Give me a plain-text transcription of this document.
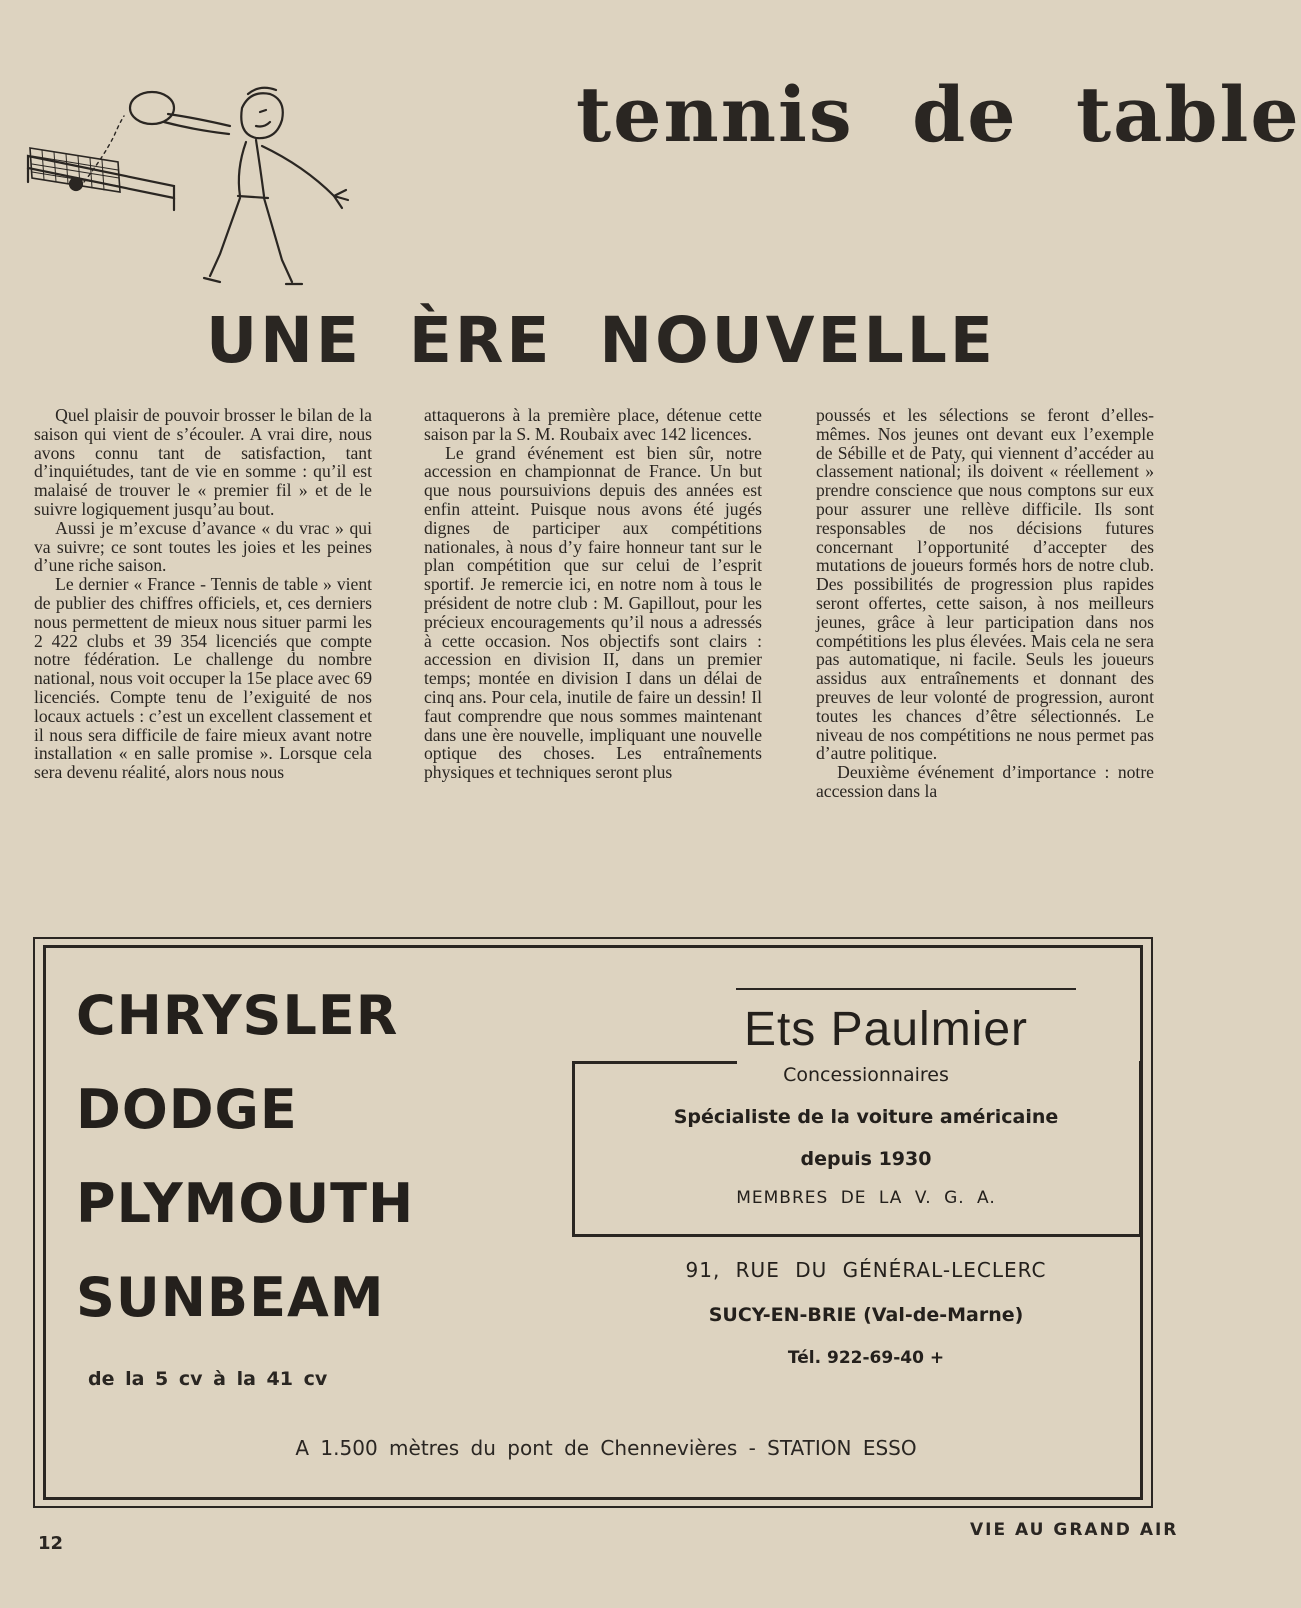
tennis de table
UNE ÈRE NOUVELLE

Quel plaisir de pouvoir brosser le bilan de la saison qui vient de s’écouler. A vrai dire, nous avons connu tant de satisfaction, tant d’inquiétudes, tant de vie en somme : qu’il est malaisé de trouver le « premier fil » et de le suivre logiquement jusqu’au bout.

Aussi je m’excuse d’avance « du vrac » qui va suivre; ce sont toutes les joies et les peines d’une riche saison.

Le dernier « France - Tennis de table » vient de publier des chiffres officiels, et, ces derniers nous permettent de mieux nous situer parmi les 2 422 clubs et 39 354 licenciés que compte notre fédération. Le challenge du nombre national, nous voit occuper la 15e place avec 69 licenciés. Compte tenu de l’exiguité de nos locaux actuels : c’est un excellent classement et il nous sera difficile de faire mieux avant notre installation « en salle promise ». Lorsque cela sera devenu réalité, alors nous nous

attaquerons à la première place, détenue cette saison par la S. M. Roubaix avec 142 licences.

Le grand événement est bien sûr, notre accession en championnat de France. Un but que nous poursuivions depuis des années est enfin atteint. Puisque nous avons été jugés dignes de participer aux compétitions nationales, à nous d’y faire honneur tant sur le plan compétition que sur celui de l’esprit sportif. Je remercie ici, en notre nom à tous le président de notre club : M. Gapillout, pour les précieux encouragements qu’il nous a adressés à cette occasion. Nos objectifs sont clairs : accession en division II, dans un premier temps; montée en division I dans un délai de cinq ans. Pour cela, inutile de faire un dessin! Il faut comprendre que nous sommes maintenant dans une ère nouvelle, impliquant une nouvelle optique des choses. Les entraînements physiques et techniques seront plus

poussés et les sélections se feront d’elles-mêmes. Nos jeunes ont devant eux l’exemple de Sébille et de Paty, qui viennent d’accéder au classement national; ils doivent « réellement » prendre conscience que nous comptons sur eux pour assurer une rellève difficile. Ils sont responsables de nos décisions futures concernant l’opportunité d’accepter des mutations de joueurs formés hors de notre club. Des possibilités de progression plus rapides seront offertes, cette saison, à nos meilleurs jeunes, grâce à leur participation dans nos compétitions les plus élevées. Mais cela ne sera pas automatique, ni facile. Seuls les joueurs assidus aux entraînements et donnant des preuves de leur volonté de progression, auront toutes les chances d’être sélectionnés. Le niveau de nos compétitions ne nous permet pas d’autre politique.

Deuxième événement d’importance : notre accession dans la

CHRYSLER
DODGE
PLYMOUTH
SUNBEAM
de la 5 cv à la 41 cv
Ets Paulmier
Concessionnaires
Spécialiste de la voiture américaine
depuis 1930
MEMBRES DE LA V. G. A.
91, RUE DU GÉNÉRAL-LECLERC
SUCY-EN-BRIE (Val-de-Marne)
Tél. 922-69-40 +
A 1.500 mètres du pont de Chennevières - STATION ESSO
12
VIE AU GRAND AIR
